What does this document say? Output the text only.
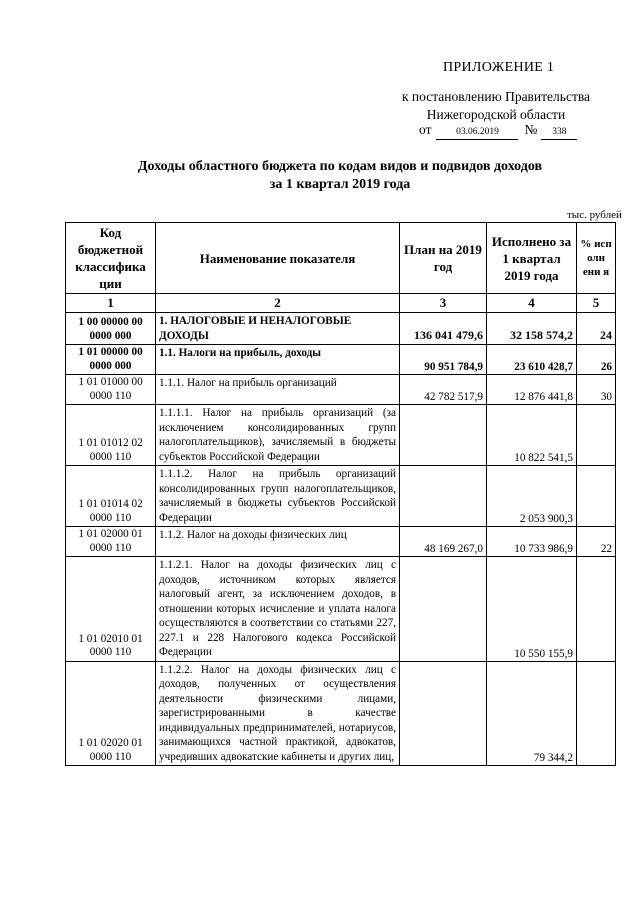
ПРИЛОЖЕНИЕ 1
к постановлению Правительства
Нижегородской области
от	03.06.2019 № 338
Доходы областного бюджета по кодам видов и подвидов доходов
за 1 квартал 2019 года
тыс. рублей
Код бюджетной классифика ции	Наименование показателя	План на 2019 год	Исполнено за 1 квартал 2019 года	% исп олн ени я
1	2	3	4	5
1 00 00000 00 0000 000	1. НАЛОГОВЫЕ И НЕНАЛОГОВЫЕ ДОХОДЫ	136 041 479,6	32 158 574,2	24
1 01 00000 00 0000 000	1.1. Налоги на прибыль, доходы	90 951 784,9	23 610 428,7	26
1 01 01000 00 0000 110	1.1.1. Налог на прибыль организаций	42 782 517,9	12 876 441,8	30
1 01 01012 02 0000 110	1.1.1.1. Налог на прибыль организаций (за исключением консолидированных групп налогоплательщиков), зачисляемый в бюджеты субъектов Российской Федерации		10 822 541,5	
1 01 01014 02 0000 110	1.1.1.2. Налог на прибыль организаций консолидированных групп налогоплательщиков, зачисляемый в бюджеты субъектов Российской Федерации		2 053 900,3	
1 01 02000 01 0000 110	1.1.2. Налог на доходы физических лиц	48 169 267,0	10 733 986,9	22
1 01 02010 01 0000 110	1.1.2.1. Налог на доходы физических лиц с доходов, источником которых является налоговый агент, за исключением доходов, в отношении которых исчисление и уплата налога осуществляются в соответствии со статьями 227, 227.1 и 228 Налогового кодекса Российской Федерации		10 550 155,9	
1 01 02020 01 0000 110	1.1.2.2. Налог на доходы физических лиц с доходов, полученных от осуществления деятельности физическими лицами, зарегистрированными в качестве индивидуальных предпринимателей, нотариусов, занимающихся частной практикой, адвокатов, учредивших адвокатские кабинеты и других лиц,		79 344,2	
